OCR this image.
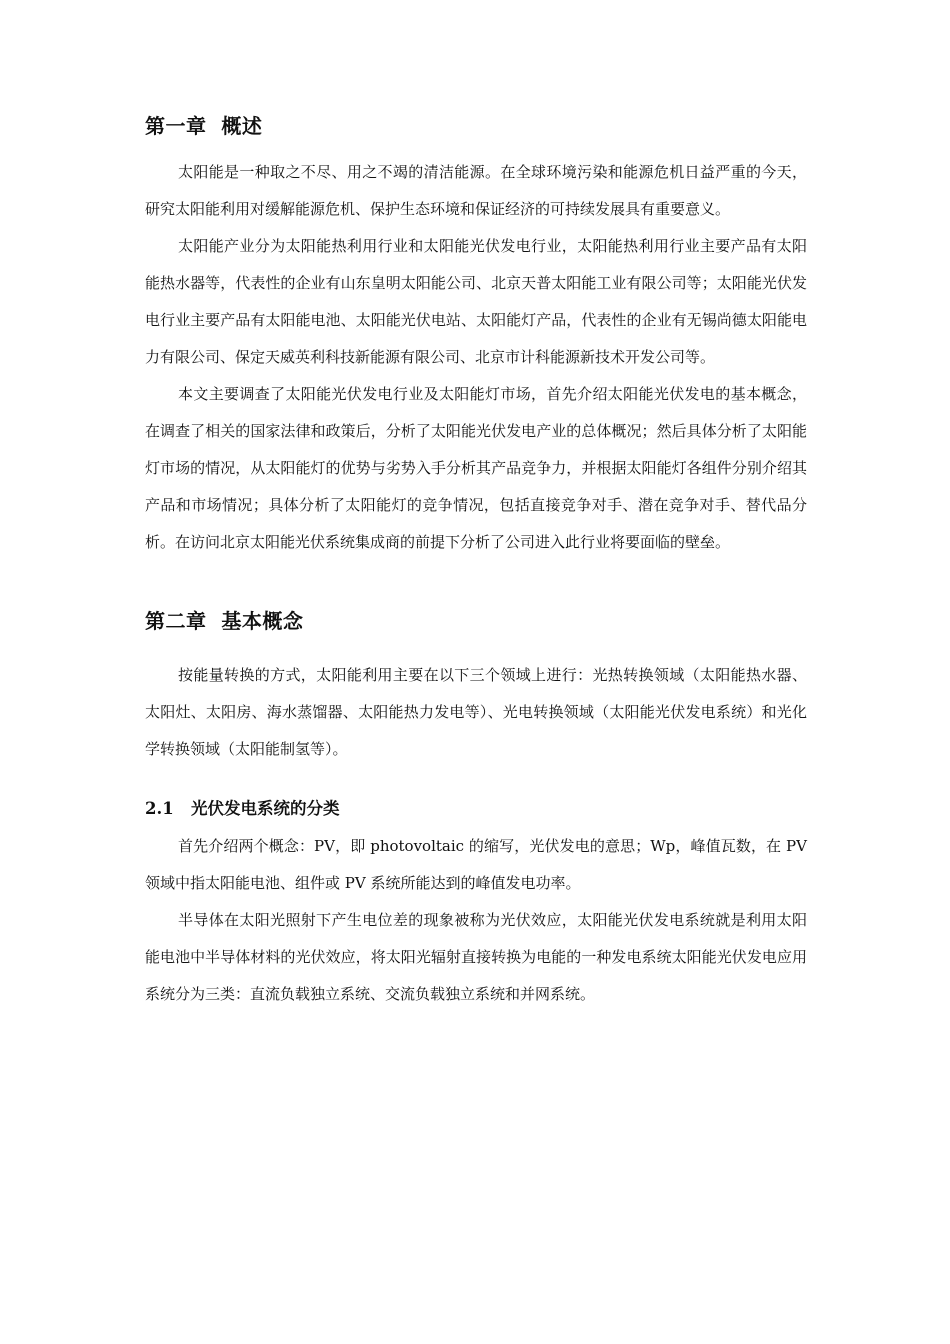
第一章  概述

太阳能是一种取之不尽、用之不竭的清洁能源。在全球环境污染和能源危机日益严重的今天，研究太阳能利用对缓解能源危机、保护生态环境和保证经济的可持续发展具有重要意义。

太阳能产业分为太阳能热利用行业和太阳能光伏发电行业，太阳能热利用行业主要产品有太阳能热水器等，代表性的企业有山东皇明太阳能公司、北京天普太阳能工业有限公司等；太阳能光伏发电行业主要产品有太阳能电池、太阳能光伏电站、太阳能灯产品，代表性的企业有无锡尚德太阳能电力有限公司、保定天威英利科技新能源有限公司、北京市计科能源新技术开发公司等。

本文主要调查了太阳能光伏发电行业及太阳能灯市场，首先介绍太阳能光伏发电的基本概念，在调查了相关的国家法律和政策后，分析了太阳能光伏发电产业的总体概况；然后具体分析了太阳能灯市场的情况，从太阳能灯的优势与劣势入手分析其产品竞争力，并根据太阳能灯各组件分别介绍其产品和市场情况；具体分析了太阳能灯的竞争情况，包括直接竞争对手、潜在竞争对手、替代品分析。在访问北京太阳能光伏系统集成商的前提下分析了公司进入此行业将要面临的壁垒。

第二章  基本概念

按能量转换的方式，太阳能利用主要在以下三个领域上进行：光热转换领域（太阳能热水器、太阳灶、太阳房、海水蒸馏器、太阳能热力发电等）、光电转换领域（太阳能光伏发电系统）和光化学转换领域（太阳能制氢等）。

2.1   光伏发电系统的分类

首先介绍两个概念：PV，即 photovoltaic 的缩写，光伏发电的意思；Wp，峰值瓦数，在 PV 领域中指太阳能电池、组件或 PV 系统所能达到的峰值发电功率。

半导体在太阳光照射下产生电位差的现象被称为光伏效应，太阳能光伏发电系统就是利用太阳能电池中半导体材料的光伏效应，将太阳光辐射直接转换为电能的一种发电系统太阳能光伏发电应用系统分为三类：直流负载独立系统、交流负载独立系统和并网系统。
